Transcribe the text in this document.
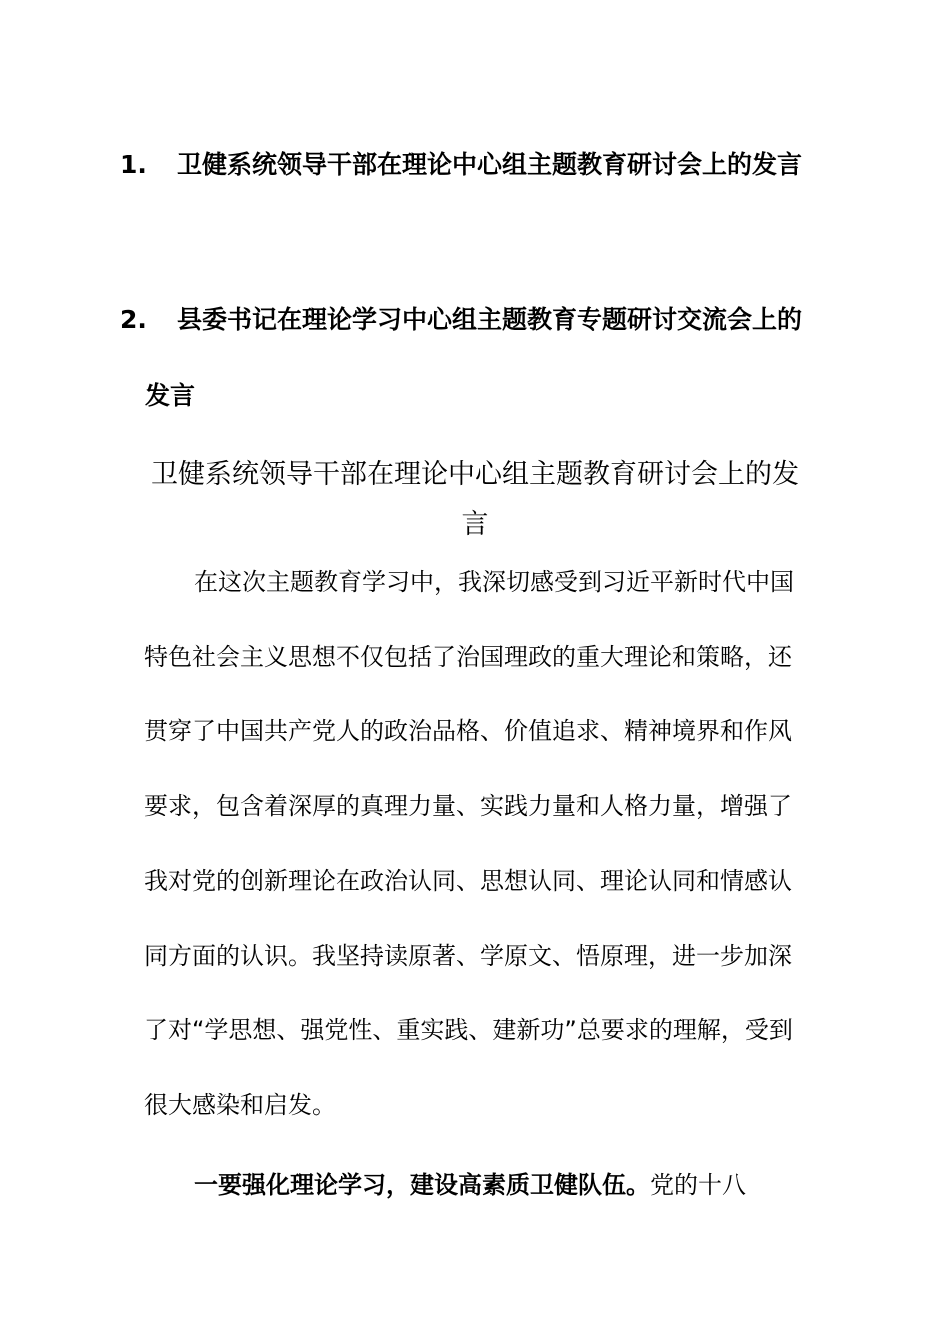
1.	卫健系统领导干部在理论中心组主题教育研讨会上的发言
2.	县委书记在理论学习中心组主题教育专题研讨交流会上的发言
卫健系统领导干部在理论中心组主题教育研讨会上的发言
在这次主题教育学习中，我深切感受到习近平新时代中国特色社会主义思想不仅包括了治国理政的重大理论和策略，还贯穿了中国共产党人的政治品格、价值追求、精神境界和作风要求，包含着深厚的真理力量、实践力量和人格力量，增强了我对党的创新理论在政治认同、思想认同、理论认同和情感认同方面的认识。我坚持读原著、学原文、悟原理，进一步加深了对“学思想、强党性、重实践、建新功”总要求的理解，受到很大感染和启发。
一要强化理论学习，建设高素质卫健队伍。党的十八
